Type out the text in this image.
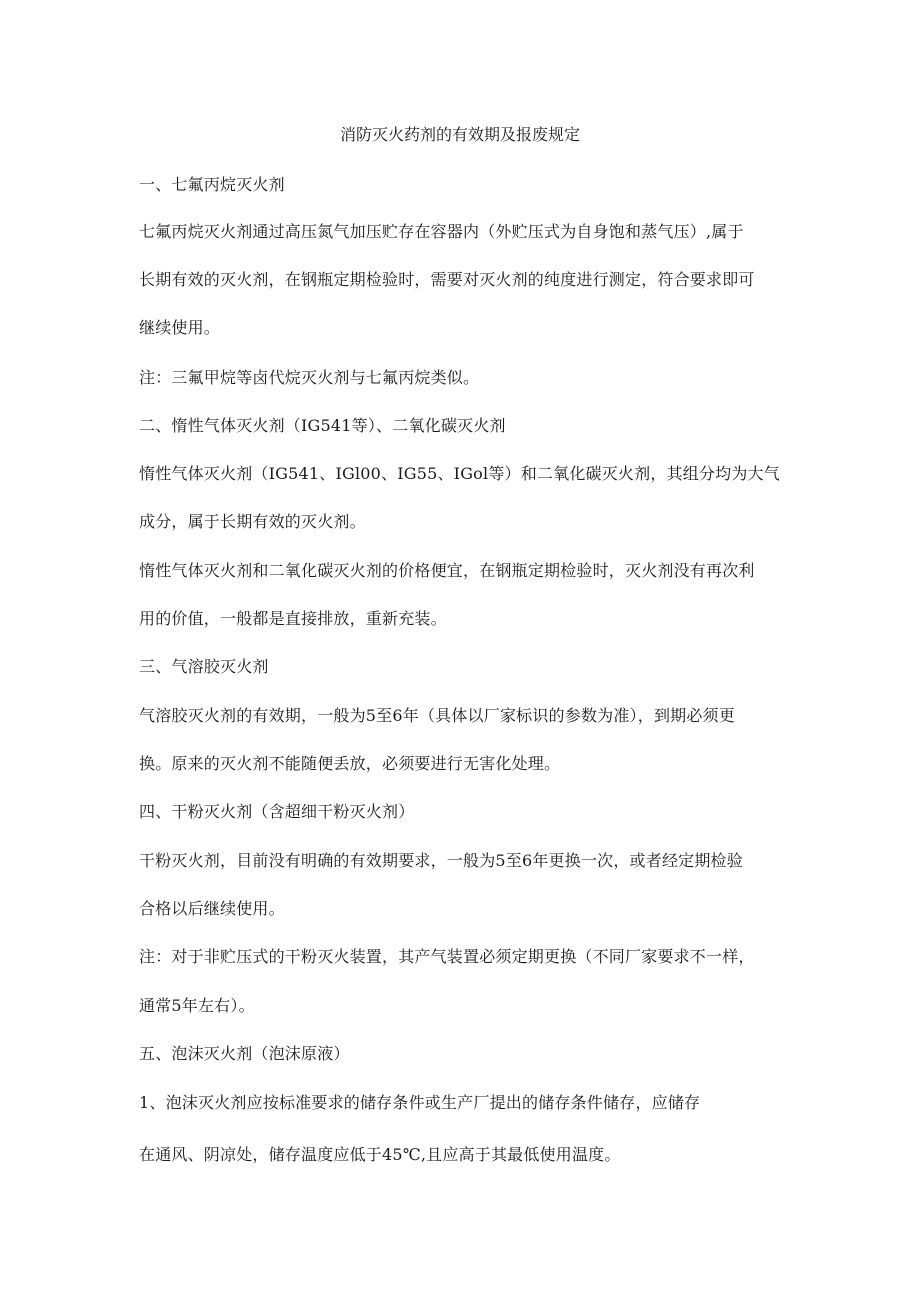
消防灭火药剂的有效期及报废规定
一、七氟丙烷灭火剂
七氟丙烷灭火剂通过高压氮气加压贮存在容器内（外贮压式为自身饱和蒸气压）,属于
长期有效的灭火剂，在钢瓶定期检验时，需要对灭火剂的纯度进行测定，符合要求即可
继续使用。
注：三氟甲烷等卤代烷灭火剂与七氟丙烷类似。
二、惰性气体灭火剂（IG541等）、二氧化碳灭火剂
惰性气体灭火剂（IG541、IGl00、IG55、IGol等）和二氧化碳灭火剂，其组分均为大气
成分，属于长期有效的灭火剂。
惰性气体灭火剂和二氧化碳灭火剂的价格便宜，在钢瓶定期检验时，灭火剂没有再次利
用的价值，一般都是直接排放，重新充装。
三、气溶胶灭火剂
气溶胶灭火剂的有效期，一般为5至6年（具体以厂家标识的参数为准），到期必须更
换。原来的灭火剂不能随便丢放，必须要进行无害化处理。
四、干粉灭火剂（含超细干粉灭火剂）
干粉灭火剂，目前没有明确的有效期要求，一般为5至6年更换一次，或者经定期检验
合格以后继续使用。
注：对于非贮压式的干粉灭火装置，其产气装置必须定期更换（不同厂家要求不一样，
通常5年左右）。
五、泡沫灭火剂（泡沫原液）
1、泡沫灭火剂应按标准要求的储存条件或生产厂提出的储存条件储存，应储存
在通风、阴凉处，储存温度应低于45℃,且应高于其最低使用温度。
